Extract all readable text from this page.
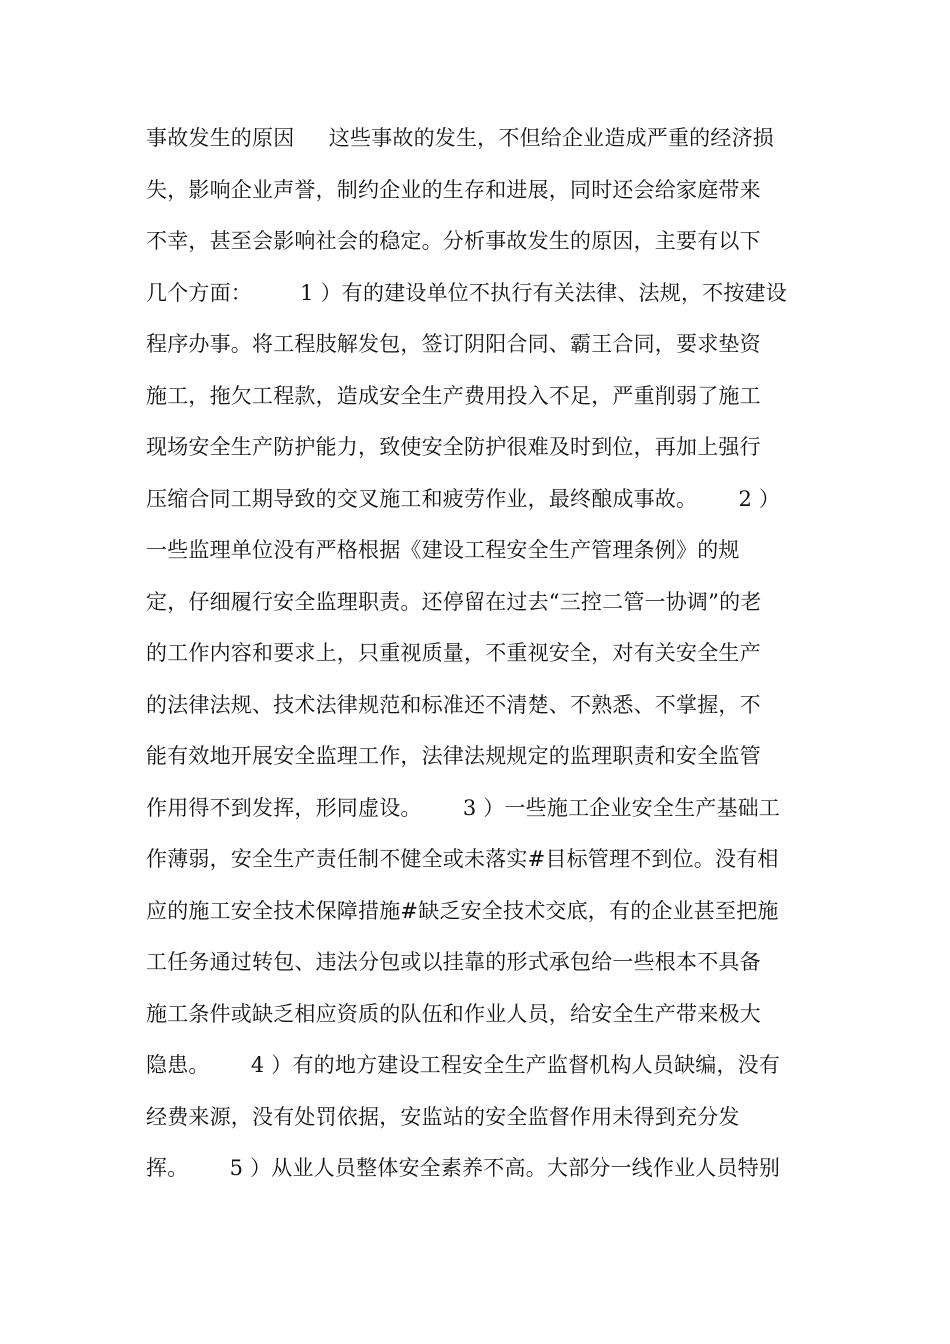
事故发生的原因     这些事故的发生，不但给企业造成严重的经济损
失，影响企业声誉，制约企业的生存和进展，同时还会给家庭带来
不幸，甚至会影响社会的稳定。分析事故发生的原因，主要有以下
几个方面：       1 ）有的建设单位不执行有关法律、法规，不按建设
程序办事。将工程肢解发包，签订阴阳合同、霸王合同，要求垫资
施工，拖欠工程款，造成安全生产费用投入不足，严重削弱了施工
现场安全生产防护能力，致使安全防护很难及时到位，再加上强行
压缩合同工期导致的交叉施工和疲劳作业，最终酿成事故。      2 ）
一些监理单位没有严格根据《建设工程安全生产管理条例》的规
定，仔细履行安全监理职责。还停留在过去“三控二管一协调”的老
的工作内容和要求上，只重视质量，不重视安全，对有关安全生产
的法律法规、技术法律规范和标准还不清楚、不熟悉、不掌握，不
能有效地开展安全监理工作，法律法规规定的监理职责和安全监管
作用得不到发挥，形同虚设。      3 ）一些施工企业安全生产基础工
作薄弱，安全生产责任制不健全或未落实#目标管理不到位。没有相
应的施工安全技术保障措施#缺乏安全技术交底，有的企业甚至把施
工任务通过转包、违法分包或以挂靠的形式承包给一些根本不具备
施工条件或缺乏相应资质的队伍和作业人员，给安全生产带来极大
隐患。      4 ）有的地方建设工程安全生产监督机构人员缺编，没有
经费来源，没有处罚依据，安监站的安全监督作用未得到充分发
挥。      5 ）从业人员整体安全素养不高。大部分一线作业人员特别
